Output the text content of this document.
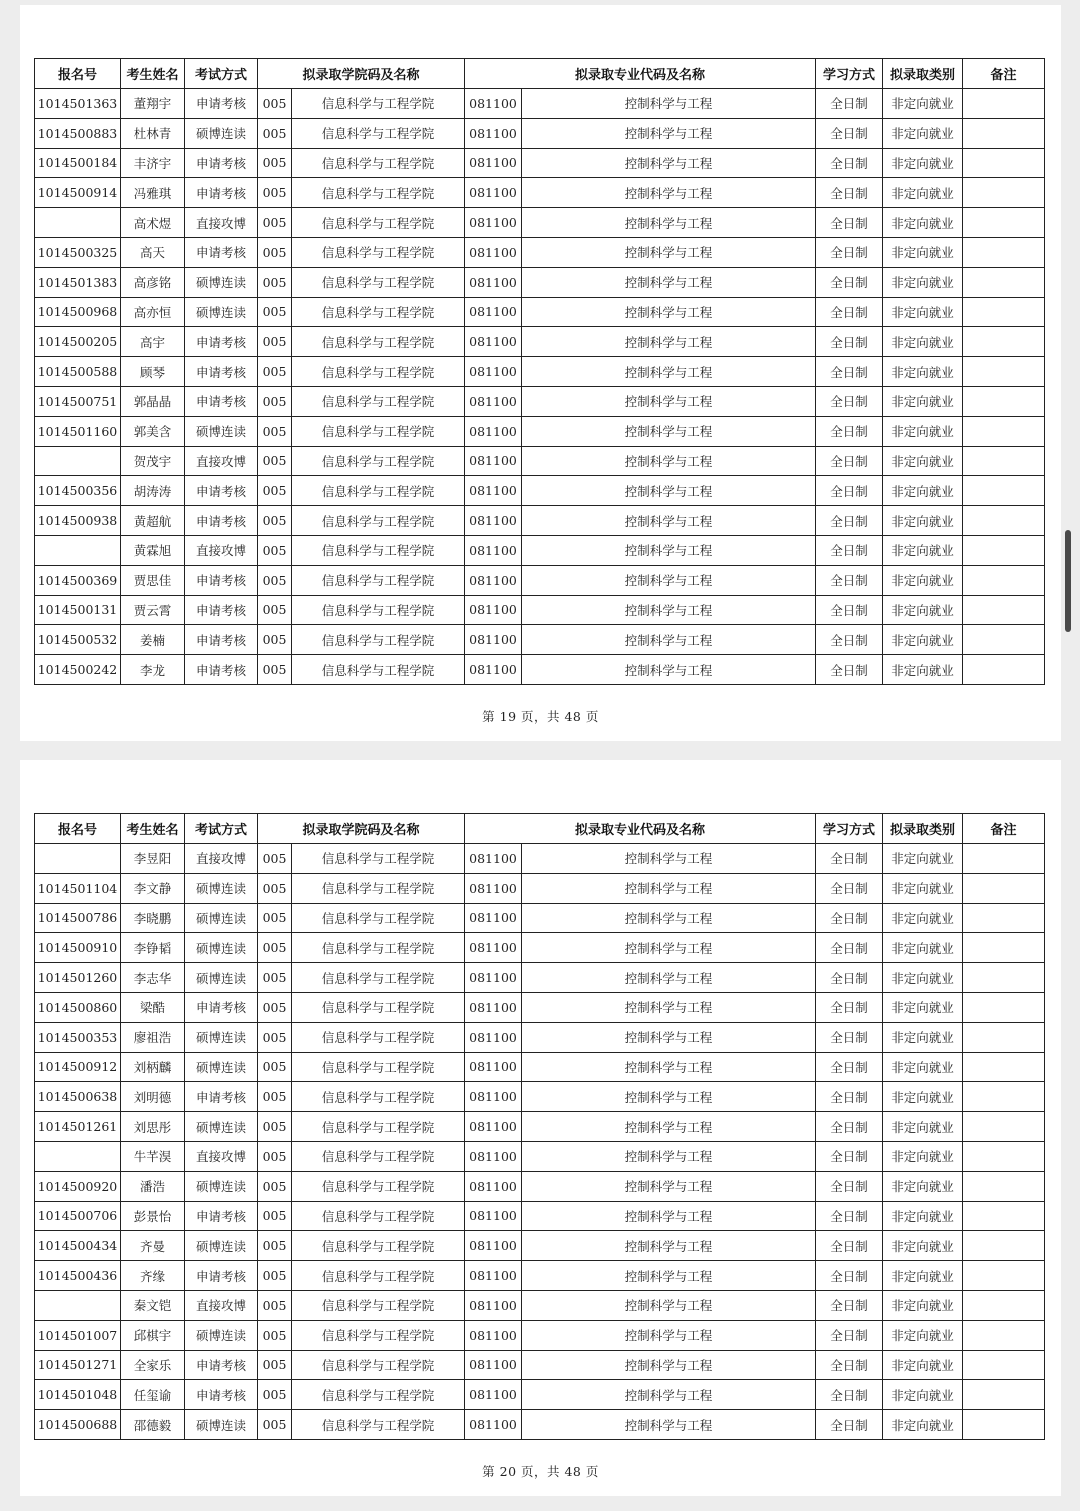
报名号	考生姓名	考试方式	拟录取学院码及名称		拟录取专业代码及名称		学习方式	拟录取类别	备注
1014501363	董翔宇	申请考核	005	信息科学与工程学院	081100	控制科学与工程	全日制	非定向就业	
1014500883	杜林青	硕博连读	005	信息科学与工程学院	081100	控制科学与工程	全日制	非定向就业	
1014500184	丰济宇	申请考核	005	信息科学与工程学院	081100	控制科学与工程	全日制	非定向就业	
1014500914	冯雅琪	申请考核	005	信息科学与工程学院	081100	控制科学与工程	全日制	非定向就业	
	高术煜	直接攻博	005	信息科学与工程学院	081100	控制科学与工程	全日制	非定向就业	
1014500325	高天	申请考核	005	信息科学与工程学院	081100	控制科学与工程	全日制	非定向就业	
1014501383	高彦铭	硕博连读	005	信息科学与工程学院	081100	控制科学与工程	全日制	非定向就业	
1014500968	高亦恒	硕博连读	005	信息科学与工程学院	081100	控制科学与工程	全日制	非定向就业	
1014500205	高宇	申请考核	005	信息科学与工程学院	081100	控制科学与工程	全日制	非定向就业	
1014500588	顾琴	申请考核	005	信息科学与工程学院	081100	控制科学与工程	全日制	非定向就业	
1014500751	郭晶晶	申请考核	005	信息科学与工程学院	081100	控制科学与工程	全日制	非定向就业	
1014501160	郭美含	硕博连读	005	信息科学与工程学院	081100	控制科学与工程	全日制	非定向就业	
	贺茂宇	直接攻博	005	信息科学与工程学院	081100	控制科学与工程	全日制	非定向就业	
1014500356	胡涛涛	申请考核	005	信息科学与工程学院	081100	控制科学与工程	全日制	非定向就业	
1014500938	黄超航	申请考核	005	信息科学与工程学院	081100	控制科学与工程	全日制	非定向就业	
	黄霖旭	直接攻博	005	信息科学与工程学院	081100	控制科学与工程	全日制	非定向就业	
1014500369	贾思佳	申请考核	005	信息科学与工程学院	081100	控制科学与工程	全日制	非定向就业	
1014500131	贾云霄	申请考核	005	信息科学与工程学院	081100	控制科学与工程	全日制	非定向就业	
1014500532	姜楠	申请考核	005	信息科学与工程学院	081100	控制科学与工程	全日制	非定向就业	
1014500242	李龙	申请考核	005	信息科学与工程学院	081100	控制科学与工程	全日制	非定向就业	
第 19 页，共 48 页
报名号	考生姓名	考试方式	拟录取学院码及名称		拟录取专业代码及名称		学习方式	拟录取类别	备注
	李昱阳	直接攻博	005	信息科学与工程学院	081100	控制科学与工程	全日制	非定向就业	
1014501104	李文静	硕博连读	005	信息科学与工程学院	081100	控制科学与工程	全日制	非定向就业	
1014500786	李晓鹏	硕博连读	005	信息科学与工程学院	081100	控制科学与工程	全日制	非定向就业	
1014500910	李铮韬	硕博连读	005	信息科学与工程学院	081100	控制科学与工程	全日制	非定向就业	
1014501260	李志华	硕博连读	005	信息科学与工程学院	081100	控制科学与工程	全日制	非定向就业	
1014500860	梁酷	申请考核	005	信息科学与工程学院	081100	控制科学与工程	全日制	非定向就业	
1014500353	廖祖浩	硕博连读	005	信息科学与工程学院	081100	控制科学与工程	全日制	非定向就业	
1014500912	刘柄麟	硕博连读	005	信息科学与工程学院	081100	控制科学与工程	全日制	非定向就业	
1014500638	刘明德	申请考核	005	信息科学与工程学院	081100	控制科学与工程	全日制	非定向就业	
1014501261	刘思彤	硕博连读	005	信息科学与工程学院	081100	控制科学与工程	全日制	非定向就业	
	牛芊淏	直接攻博	005	信息科学与工程学院	081100	控制科学与工程	全日制	非定向就业	
1014500920	潘浩	硕博连读	005	信息科学与工程学院	081100	控制科学与工程	全日制	非定向就业	
1014500706	彭景怡	申请考核	005	信息科学与工程学院	081100	控制科学与工程	全日制	非定向就业	
1014500434	齐曼	硕博连读	005	信息科学与工程学院	081100	控制科学与工程	全日制	非定向就业	
1014500436	齐缘	申请考核	005	信息科学与工程学院	081100	控制科学与工程	全日制	非定向就业	
	秦文铠	直接攻博	005	信息科学与工程学院	081100	控制科学与工程	全日制	非定向就业	
1014501007	邱棋宇	硕博连读	005	信息科学与工程学院	081100	控制科学与工程	全日制	非定向就业	
1014501271	全家乐	申请考核	005	信息科学与工程学院	081100	控制科学与工程	全日制	非定向就业	
1014501048	任玺谕	申请考核	005	信息科学与工程学院	081100	控制科学与工程	全日制	非定向就业	
1014500688	邵德毅	硕博连读	005	信息科学与工程学院	081100	控制科学与工程	全日制	非定向就业	
第 20 页，共 48 页
